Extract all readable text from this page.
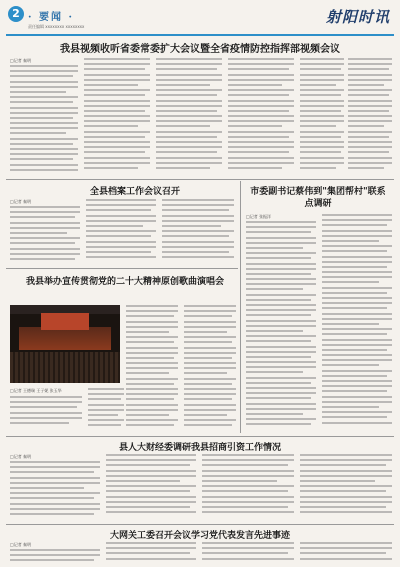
2 · 要闻 ·
责任编辑 xxxxxxxx xxxxxxxx
射阳时讯
我县视频收听省委常委扩大会议暨全省疫情防控指挥部视频会议
□记者 秦明
全县档案工作会议召开
□记者 秦明
市委副书记蔡伟到"集团帮村"联系点调研
□记者 张振洋
我县举办宣传贯彻党的二十大精神原创歌曲演唱会
□记者 王德瑞 王子妮 张玉华
县人大财经委调研我县招商引资工作情况
□记者 秦明
大网关工委召开会议学习党代表发言先进事迹
□记者 秦明
